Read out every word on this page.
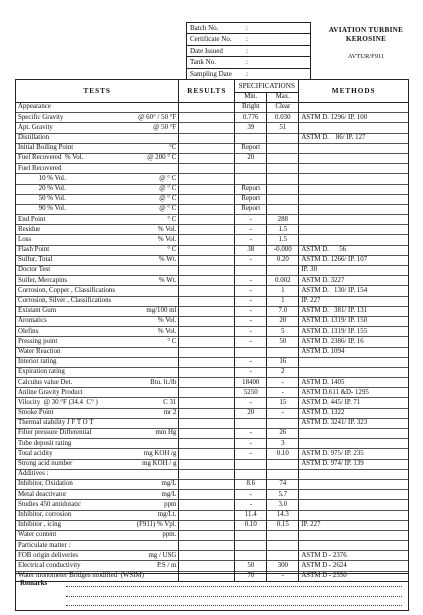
Batch No.	:
Certificate No. :
Date Issued	:
Tank No.	:
Sampling Date :
AVIATION TURBINE
KEROSINE
AVTUR/F911
TESTS	RESULTS	SPECIFICATIONS		METHODS
		Min.	Max.	
Appearance		Bright	Clear	
Specific Gravity @ 60° / 50 °F		0.776	0.030	ASTM D. 1296/ IP. 100
Apt. Gravity @ 50 °F		39	51	
Distillation				ASTM D.    86/ IP. 127
Initial Boiling Point °C		Report		
Fuel Recovered  % Vol. @ 200 ° C		20		
Fuel Recovered

10 % Vol. @ ° C				

20 % Vol. @ ° C		Report		
50 % Vol. @ ° C		Report		
90 % Vol. @ ° C		Report		
End Point ° C		-	288	
Residue % Vol.		-	1.5	
Loss % Vol.		-	1.5	
Flash Point ° C		38	-0.000	ASTM D.      56
Sulfur, Total % Wt.		-	0.20	ASTM D. 1266/ IP. 107
Doctor Test				IP. 30
Sulfer, Mercapins % Wt.		-	0.002	ASTM D. 3227
Corrosion, Copper , Classifications		-	1	ASTM D.   130/ IP. 154
Corrosion, Silver , Classifications		-	1	IP. 227
Existant Gum mg/100 ml		-	7.0	ASTM D.   381/ IP. 131
Aromatics % Vol.		-	20	ASTM D. 1319/ IP. 150
Olefins % Vol.		-	5	ASTM D. 1319/ IP. 155
Pressing point ° C		-	50	ASTM D. 2386/ IP. 16
Water Reaction				ASTM D. 1094
Interior rating		-	16	
Expiration rating		-	2	
Calculus value Det. Btu. lt./lb		18400	-	ASTM D. 1405
Anline Gravity Product		5250	-	ASTM D.611 &D- 1295
Vilocity  @ 30 °F (34.4  C° ) C 31		-	15	ASTM D. 445/ IP. 71
Smoke Point mr 2		20	-	ASTM D. 1322
Thermal stability J F T O T				ASTM D. 3241/ IP. 323
Filter pressure Differential mm Hg		-	26	
Tube deposit rating		-	3	
Total acidity mg KOH /g		-	0.10	ASTM D. 975/ IP. 235
Strong acid number mg KOH / g				ASTM D. 974/ IP. 139
Additives :

Inhibitor, Oxidation mg/L		8.6	74	
Metal deactivator mg/L		-	5.7	
Studies 450 antidotatic ppm		-	3.0	
Inhibitor, corrosion mg/Lt.		11.4	14.3	
Inhibitor , icing (F911) % Vpl.		0.10	0.15	IP. 227
Water content ppm.				

Particulate matter :

FOB origin deliveries mg / USG				ASTM D - 2376
Electrical conductivity P.S / m		50	300	ASTM D - 2624
Water monometer Bridges modified  (WSIM)		70	-	ASTM D - 2550
Remarks
